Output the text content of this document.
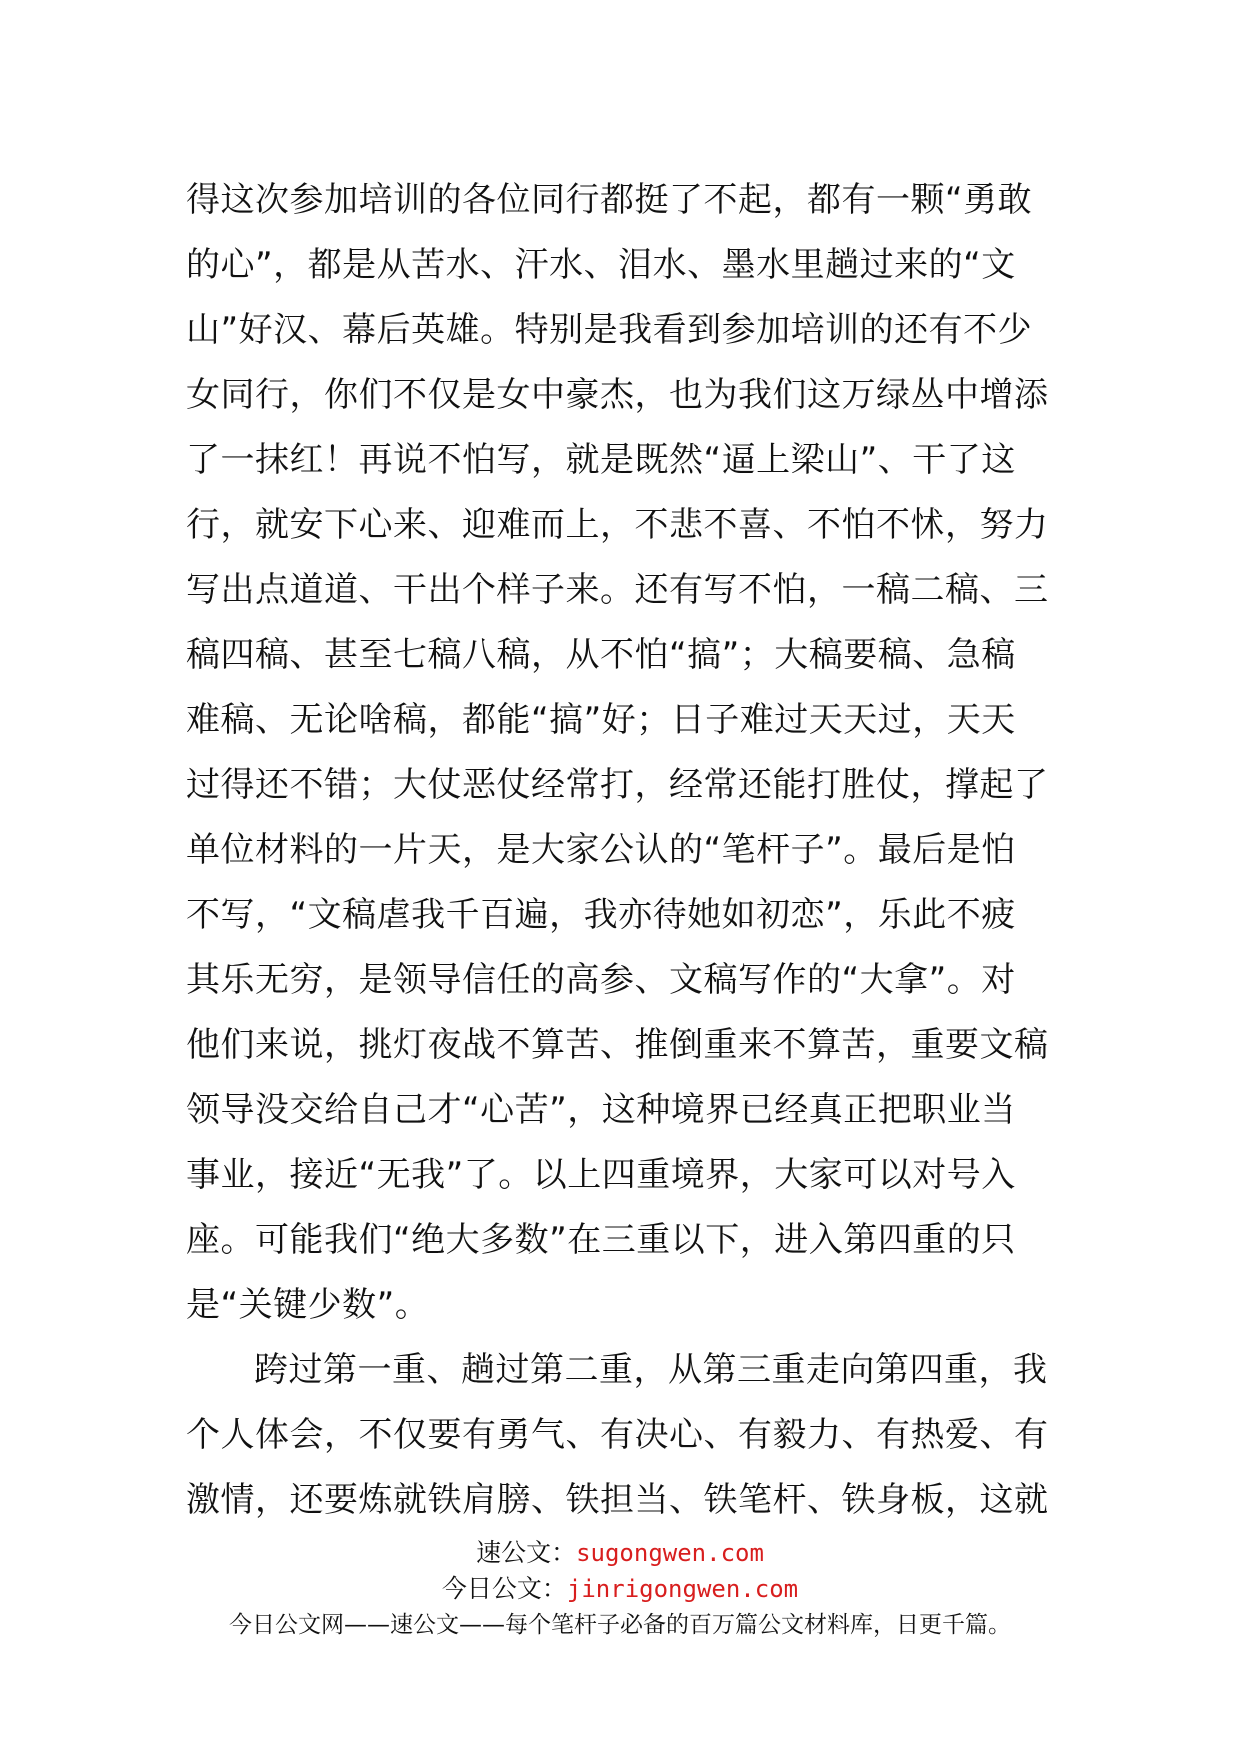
得这次参加培训的各位同行都挺了不起，都有一颗“勇敢
的心”，都是从苦水、汗水、泪水、墨水里趟过来的“文
山”好汉、幕后英雄。特别是我看到参加培训的还有不少
女同行，你们不仅是女中豪杰，也为我们这万绿丛中增添
了一抹红！再说不怕写，就是既然“逼上梁山”、干了这
行，就安下心来、迎难而上，不悲不喜、不怕不怵，努力
写出点道道、干出个样子来。还有写不怕，一稿二稿、三
稿四稿、甚至七稿八稿，从不怕“搞”；大稿要稿、急稿
难稿、无论啥稿，都能“搞”好；日子难过天天过，天天
过得还不错；大仗恶仗经常打，经常还能打胜仗，撑起了
单位材料的一片天，是大家公认的“笔杆子”。最后是怕
不写，“文稿虐我千百遍，我亦待她如初恋”，乐此不疲
其乐无穷，是领导信任的高参、文稿写作的“大拿”。对
他们来说，挑灯夜战不算苦、推倒重来不算苦，重要文稿
领导没交给自己才“心苦”，这种境界已经真正把职业当
事业，接近“无我”了。以上四重境界，大家可以对号入
座。可能我们“绝大多数”在三重以下，进入第四重的只
是“关键少数”。
跨过第一重、趟过第二重，从第三重走向第四重，我
个人体会，不仅要有勇气、有决心、有毅力、有热爱、有
激情，还要炼就铁肩膀、铁担当、铁笔杆、铁身板，这就
速公文：sugongwen.com
今日公文：jinrigongwen.com
今日公文网——速公文——每个笔杆子必备的百万篇公文材料库，日更千篇。
